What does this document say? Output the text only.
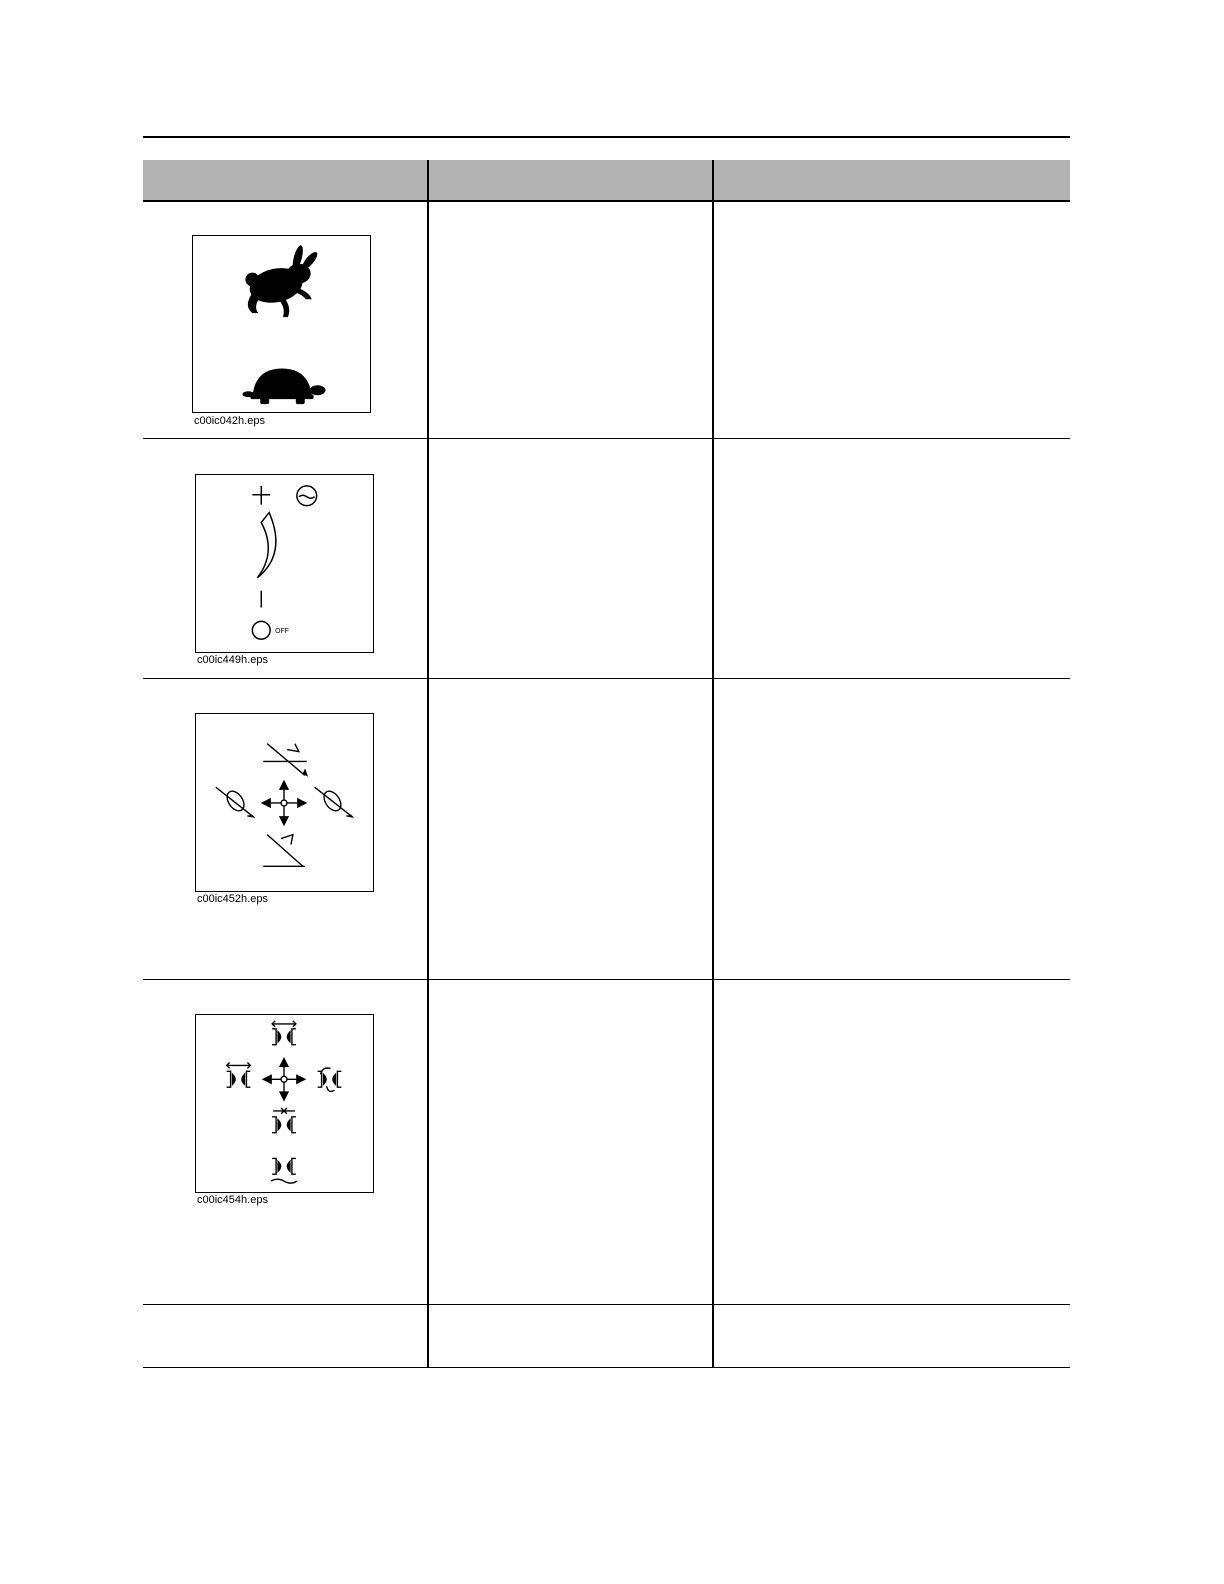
c00ic042h.eps
OFF
c00ic449h.eps
c00ic452h.eps
c00ic454h.eps
